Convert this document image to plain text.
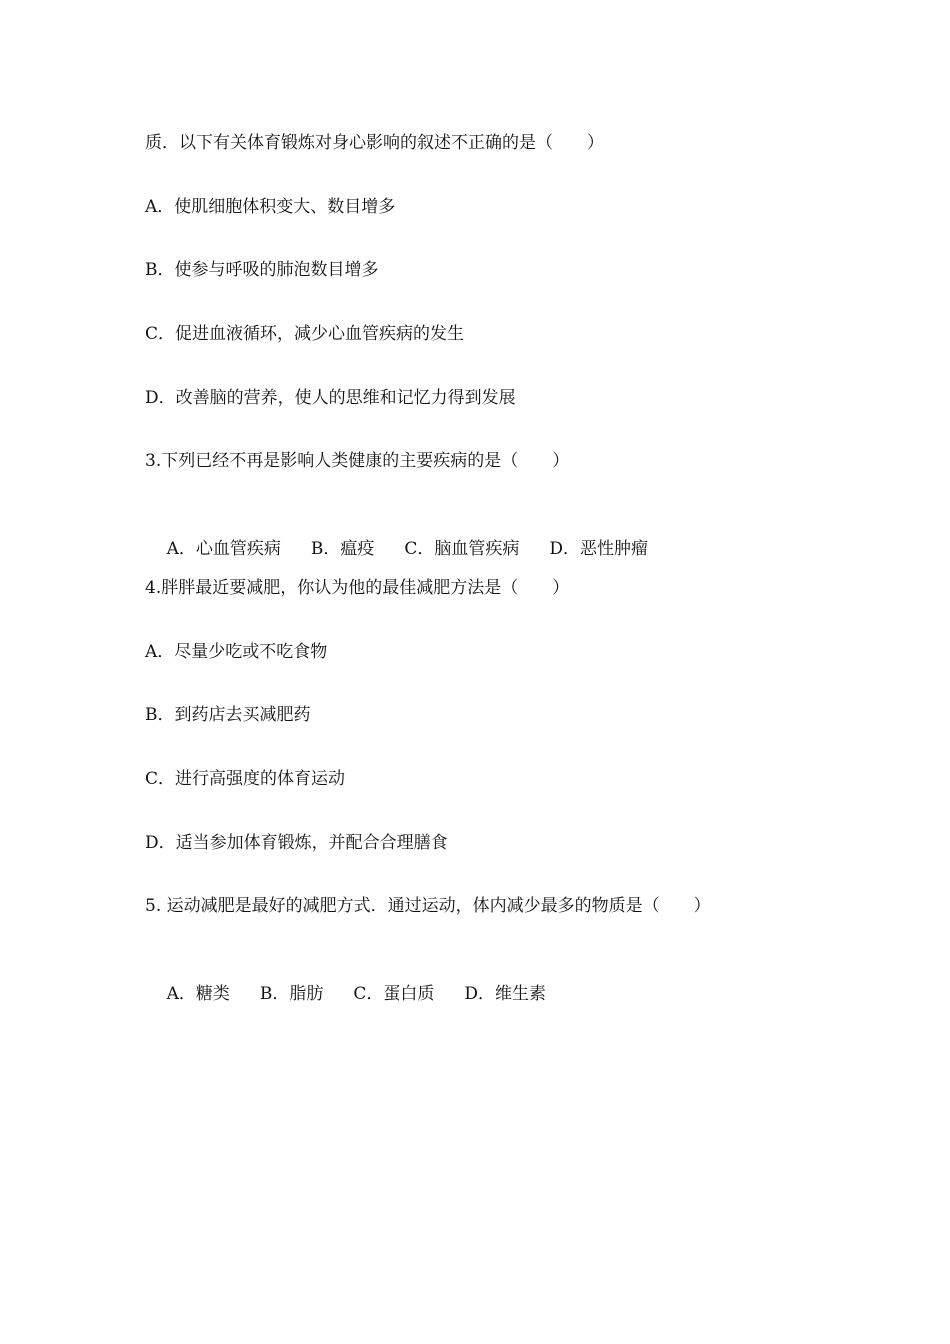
质．以下有关体育锻炼对身心影响的叙述不正确的是（　　）
A．使肌细胞体积变大、数目增多
B．使参与呼吸的肺泡数目增多
C．促进血液循环，减少心血管疾病的发生
D．改善脑的营养，使人的思维和记忆力得到发展
3.下列已经不再是影响人类健康的主要疾病的是（　　）

A．心血管疾病 B．瘟疫 C．脑血管疾病 D．恶性肿瘤

4.胖胖最近要减肥，你认为他的最佳减肥方法是（　　）
A．尽量少吃或不吃食物
B．到药店去买减肥药
C．进行高强度的体育运动
D．适当参加体育锻炼，并配合合理膳食
5. 运动减肥是最好的减肥方式．通过运动，体内减少最多的物质是（　　）

A．糖类 B．脂肪 C．蛋白质 D．维生素
